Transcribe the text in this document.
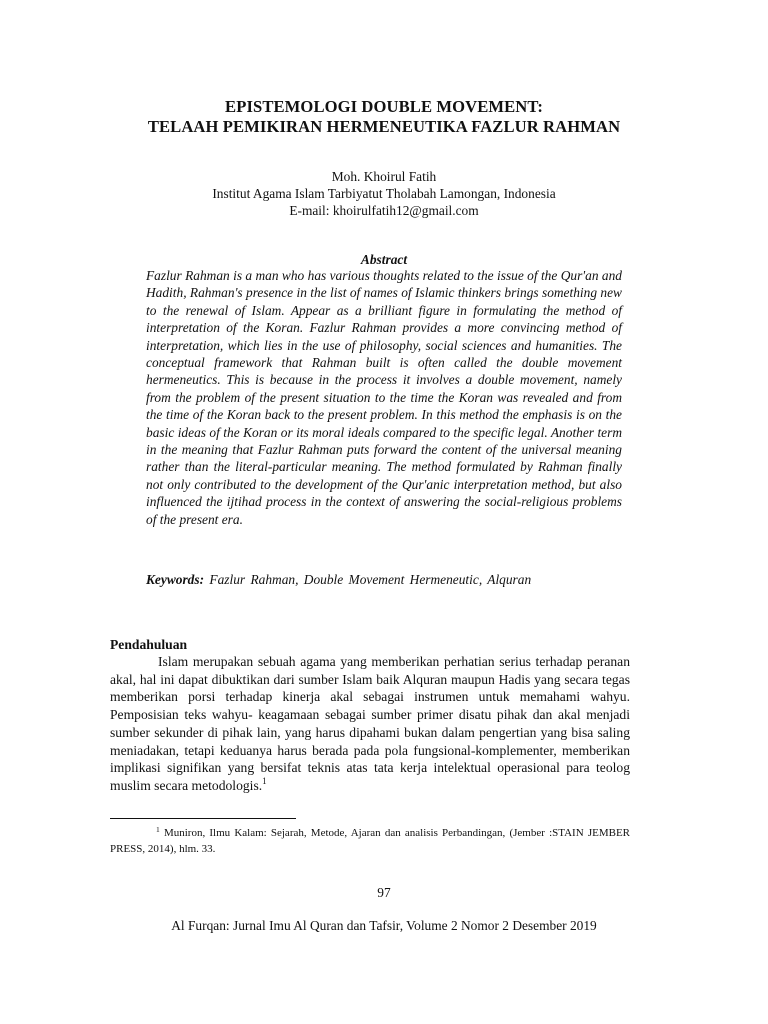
EPISTEMOLOGI DOUBLE MOVEMENT:
TELAAH PEMIKIRAN HERMENEUTIKA FAZLUR RAHMAN
Moh. Khoirul Fatih
Institut Agama Islam Tarbiyatut Tholabah Lamongan, Indonesia
E-mail: khoirulfatih12@gmail.com
Abstract

Fazlur Rahman is a man who has various thoughts related to the issue of the Qur'an and Hadith, Rahman's presence in the list of names of Islamic thinkers brings something new to the renewal of Islam. Appear as a brilliant figure in formulating the method of interpretation of the Koran. Fazlur Rahman provides a more convincing method of interpretation, which lies in the use of philosophy, social sciences and humanities. The conceptual framework that Rahman built is often called the double movement hermeneutics. This is because in the process it involves a double movement, namely from the problem of the present situation to the time the Koran was revealed and from the time of the Koran back to the present problem. In this method the emphasis is on the basic ideas of the Koran or its moral ideals compared to the specific legal. Another term in the meaning that Fazlur Rahman puts forward the content of the universal meaning rather than the literal-particular meaning. The method formulated by Rahman finally not only contributed to the development of the Qur'anic interpretation method, but also influenced the ijtihad process in the context of answering the social-religious problems of the present era.

Keywords: Fazlur Rahman, Double Movement Hermeneutic, Alquran
Pendahuluan

Islam merupakan sebuah agama yang memberikan perhatian serius terhadap peranan akal, hal ini dapat dibuktikan dari sumber Islam baik Alquran maupun Hadis yang secara tegas memberikan porsi terhadap kinerja akal sebagai instrumen untuk memahami wahyu. Pemposisian teks wahyu- keagamaan sebagai sumber primer disatu pihak dan akal menjadi sumber sekunder di pihak lain, yang harus dipahami bukan dalam pengertian yang bisa saling meniadakan, tetapi keduanya harus berada pada pola fungsional-komplementer, memberikan implikasi signifikan yang bersifat teknis atas tata kerja intelektual operasional para teolog muslim secara metodologis.$^1$

$^1$ Muniron, Ilmu Kalam: Sejarah, Metode, Ajaran dan analisis Perbandingan, (Jember :STAIN JEMBER PRESS, 2014), hlm. 33.

97
Al Furqan: Jurnal Imu Al Quran dan Tafsir, Volume 2 Nomor 2 Desember 2019
